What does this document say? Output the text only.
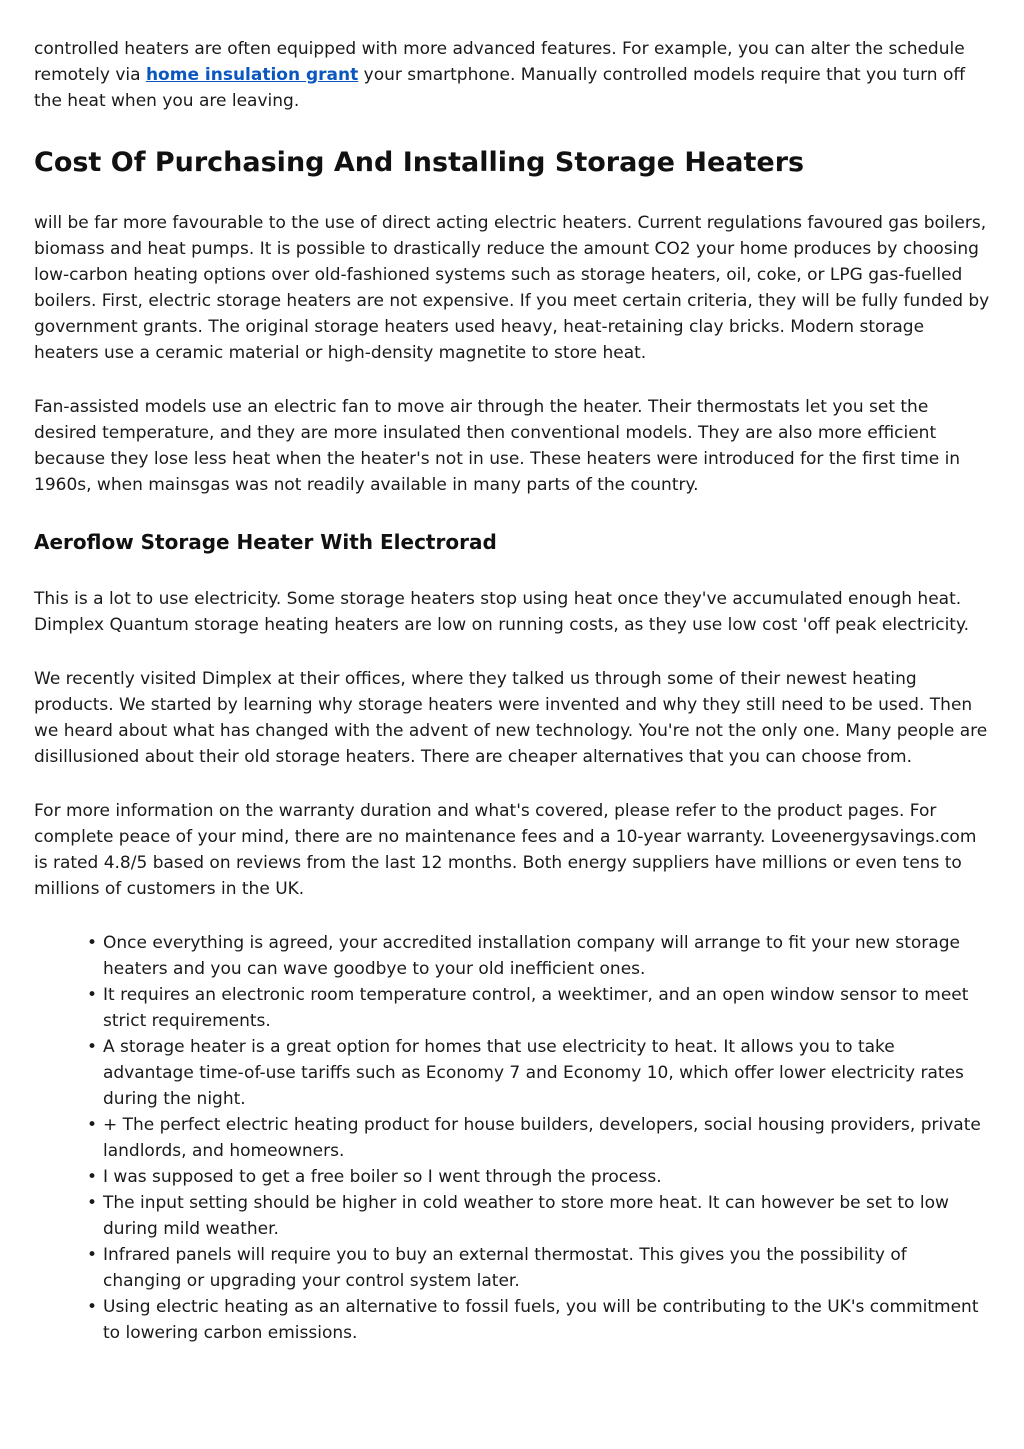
controlled heaters are often equipped with more advanced features. For example, you can alter the schedule remotely via home insulation grant your smartphone. Manually controlled models require that you turn off the heat when you are leaving.

Cost Of Purchasing And Installing Storage Heaters

will be far more favourable to the use of direct acting electric heaters. Current regulations favoured gas boilers, biomass and heat pumps. It is possible to drastically reduce the amount CO2 your home produces by choosing low-carbon heating options over old-fashioned systems such as storage heaters, oil, coke, or LPG gas-fuelled boilers. First, electric storage heaters are not expensive. If you meet certain criteria, they will be fully funded by government grants. The original storage heaters used heavy, heat-retaining clay bricks. Modern storage heaters use a ceramic material or high-density magnetite to store heat.

Fan-assisted models use an electric fan to move air through the heater. Their thermostats let you set the desired temperature, and they are more insulated then conventional models. They are also more efficient because they lose less heat when the heater's not in use. These heaters were introduced for the first time in 1960s, when mainsgas was not readily available in many parts of the country.

Aeroflow Storage Heater With Electrorad

This is a lot to use electricity. Some storage heaters stop using heat once they've accumulated enough heat. Dimplex Quantum storage heating heaters are low on running costs, as they use low cost 'off peak electricity.

We recently visited Dimplex at their offices, where they talked us through some of their newest heating products. We started by learning why storage heaters were invented and why they still need to be used. Then we heard about what has changed with the advent of new technology. You're not the only one. Many people are disillusioned about their old storage heaters. There are cheaper alternatives that you can choose from.

For more information on the warranty duration and what's covered, please refer to the product pages. For complete peace of your mind, there are no maintenance fees and a 10-year warranty. Loveenergysavings.com is rated 4.8/5 based on reviews from the last 12 months. Both energy suppliers have millions or even tens to millions of customers in the UK.

• Once everything is agreed, your accredited installation company will arrange to fit your new storage heaters and you can wave goodbye to your old inefficient ones.
• It requires an electronic room temperature control, a weektimer, and an open window sensor to meet strict requirements.
• A storage heater is a great option for homes that use electricity to heat. It allows you to take advantage time-of-use tariffs such as Economy 7 and Economy 10, which offer lower electricity rates during the night.
• + The perfect electric heating product for house builders, developers, social housing providers, private landlords, and homeowners.
• I was supposed to get a free boiler so I went through the process.
• The input setting should be higher in cold weather to store more heat. It can however be set to low during mild weather.
• Infrared panels will require you to buy an external thermostat. This gives you the possibility of changing or upgrading your control system later.
• Using electric heating as an alternative to fossil fuels, you will be contributing to the UK's commitment to lowering carbon emissions.
